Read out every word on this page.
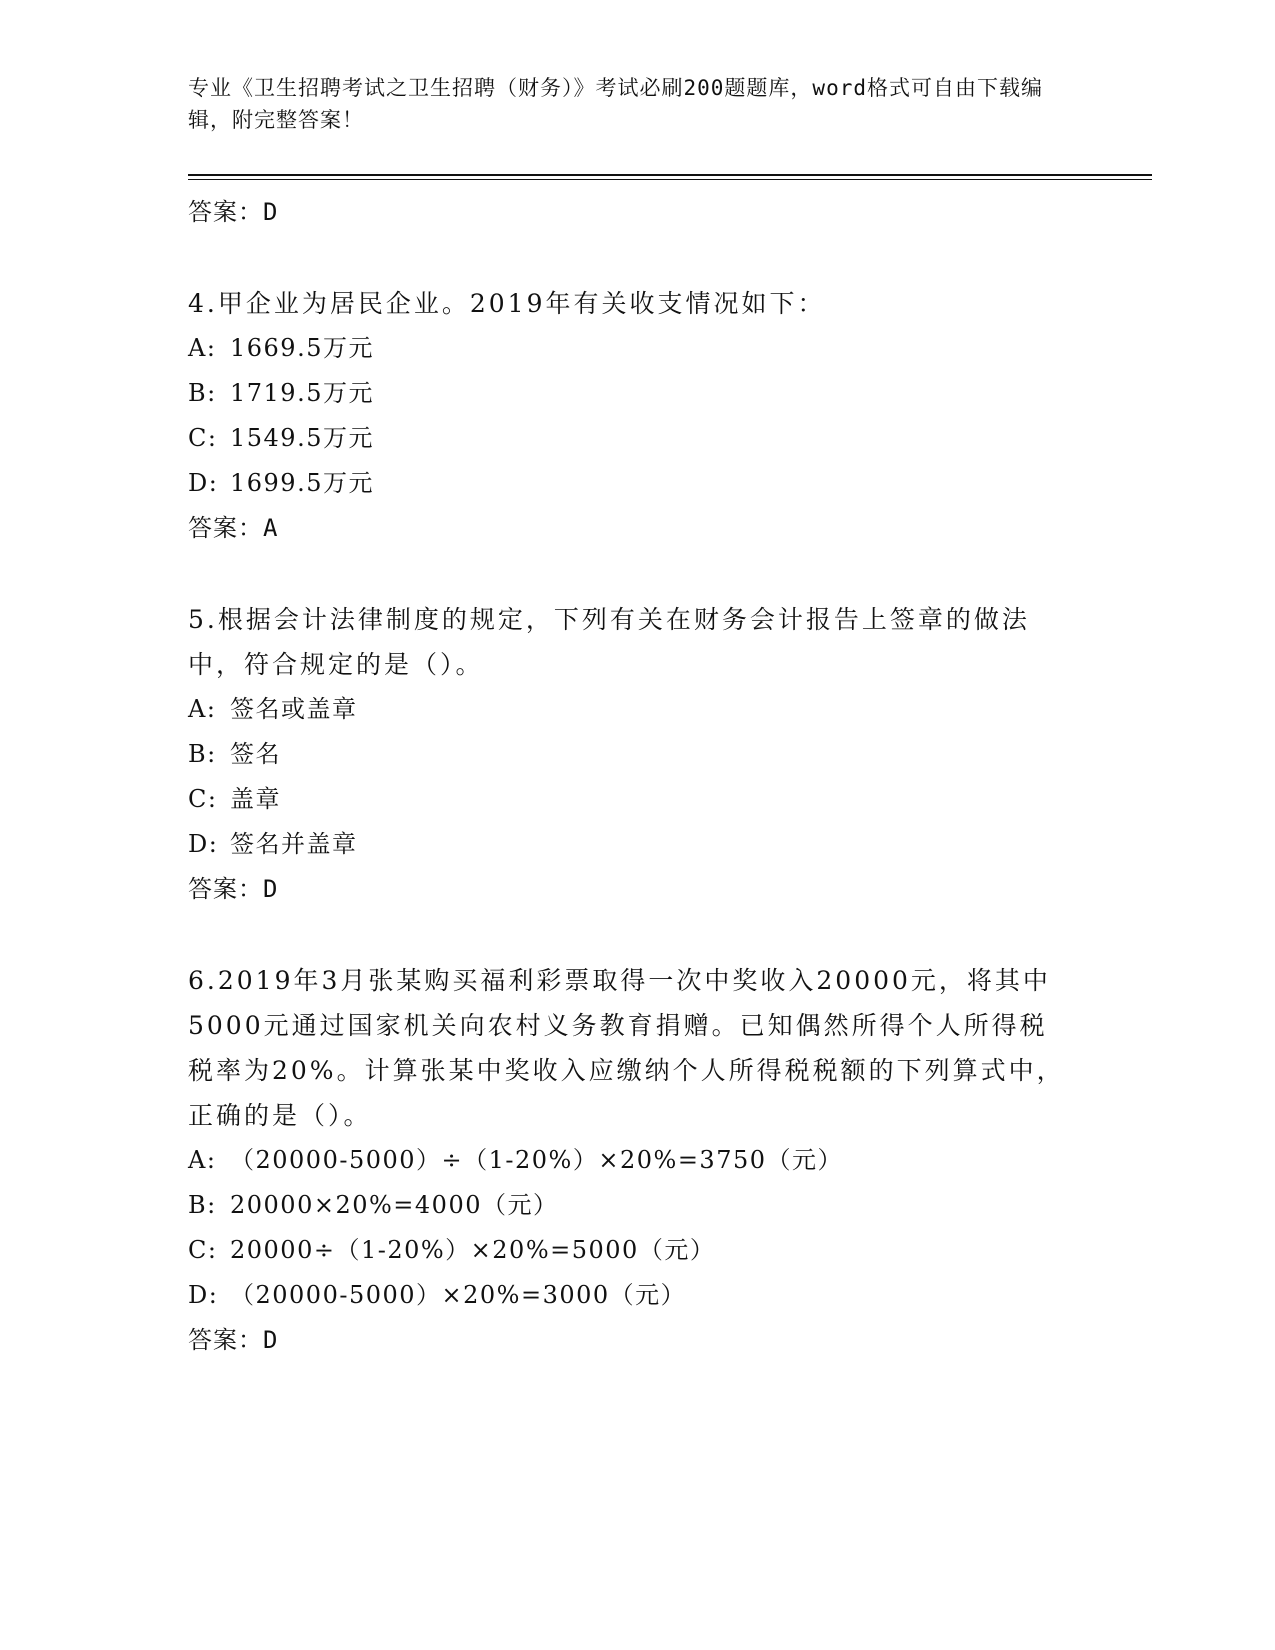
专业《卫生招聘考试之卫生招聘（财务）》考试必刷200题题库，word格式可自由下载编辑，附完整答案！
答案：D
4.甲企业为居民企业。2019年有关收支情况如下：
A: 1669.5万元
B: 1719.5万元
C: 1549.5万元
D: 1699.5万元
答案：A
5.根据会计法律制度的规定，下列有关在财务会计报告上签章的做法中，符合规定的是（）。
A: 签名或盖章
B: 签名
C: 盖章
D: 签名并盖章
答案：D
6.2019年3月张某购买福利彩票取得一次中奖收入20000元，将其中5000元通过国家机关向农村义务教育捐赠。已知偶然所得个人所得税税率为20%。计算张某中奖收入应缴纳个人所得税税额的下列算式中，正确的是（）。
A: （20000-5000）÷（1-20%）×20%=3750（元）
B: 20000×20%=4000（元）
C: 20000÷（1-20%）×20%=5000（元）
D: （20000-5000）×20%=3000（元）
答案：D
